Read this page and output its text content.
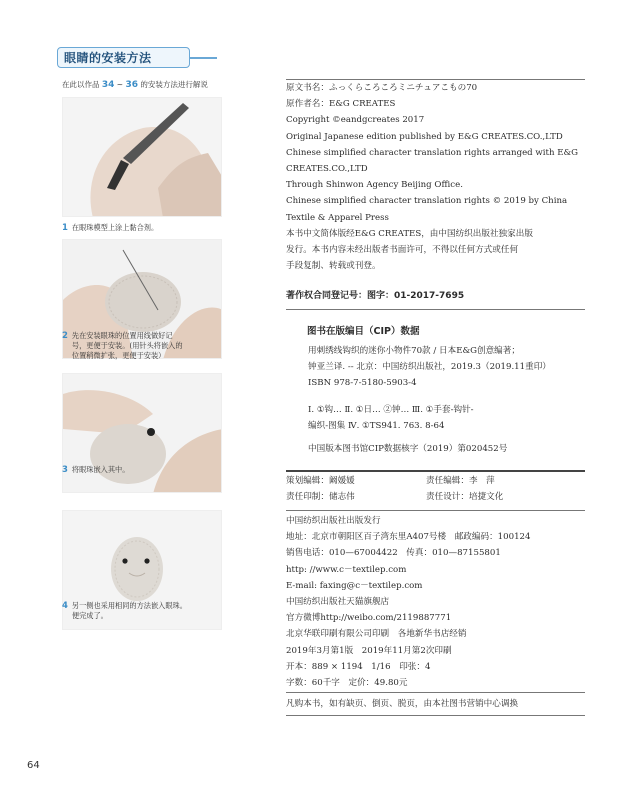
眼睛的安装方法
在此以作品 34 ~ 36 的安装方法进行解说
1 在眼珠模型上涂上黏合剂。
2 先在安装眼珠的位置用线做好记
号，更便于安装。(用针头将嵌入的
位置稍微扩张，更便于安装）
3 将眼珠嵌入其中。
4 另一侧也采用相同的方法嵌入眼珠。
便完成了。
64
原文书名：ふっくらころころミニチュアこもの70
原作者名：E&G CREATES
Copyright ©eandgcreates 2017
Original Japanese edition published by E&G CREATES.CO.,LTD
Chinese simplified character translation rights arranged with E&G
CREATES.CO.,LTD
Through Shinwon Agency Beijing Office.
Chinese simplified character translation rights © 2019 by China
Textile & Apparel Press
本书中文简体版经E&G CREATES，由中国纺织出版社独家出版
发行。本书内容未经出版者书面许可，不得以任何方式或任何
手段复制、转载或刊登。
著作权合同登记号：图字：01-2017-7695
图书在版编目（CIP）数据
用刺绣线钩织的迷你小物件70款 / 日本E&G创意编著；
钟亚兰译. -- 北京：中国纺织出版社，2019.3（2019.11重印）
ISBN 978-7-5180-5903-4
Ⅰ. ①钩… Ⅱ. ①日… ②钟… Ⅲ. ①手套-钩针-
编织-图集 Ⅳ. ①TS941. 763. 8-64
中国版本图书馆CIP数据核字（2019）第020452号
策划编辑：阚媛媛	责任编辑：李　萍
责任印制：储志伟	责任设计：培捷文化
中国纺织出版社出版发行
地址：北京市朝阳区百子湾东里A407号楼　邮政编码：100124
销售电话：010—67004422　传真：010—87155801
http: //www.c－textilep.com
E-mail: faxing@c－textilep.com
中国纺织出版社天猫旗舰店
官方微博http://weibo.com/2119887771
北京华联印刷有限公司印刷　各地新华书店经销
2019年3月第1版　2019年11月第2次印刷
开本：889 × 1194　1/16　印张：4
字数：60千字　定价：49.80元
凡购本书，如有缺页、倒页、脱页，由本社图书营销中心调换
